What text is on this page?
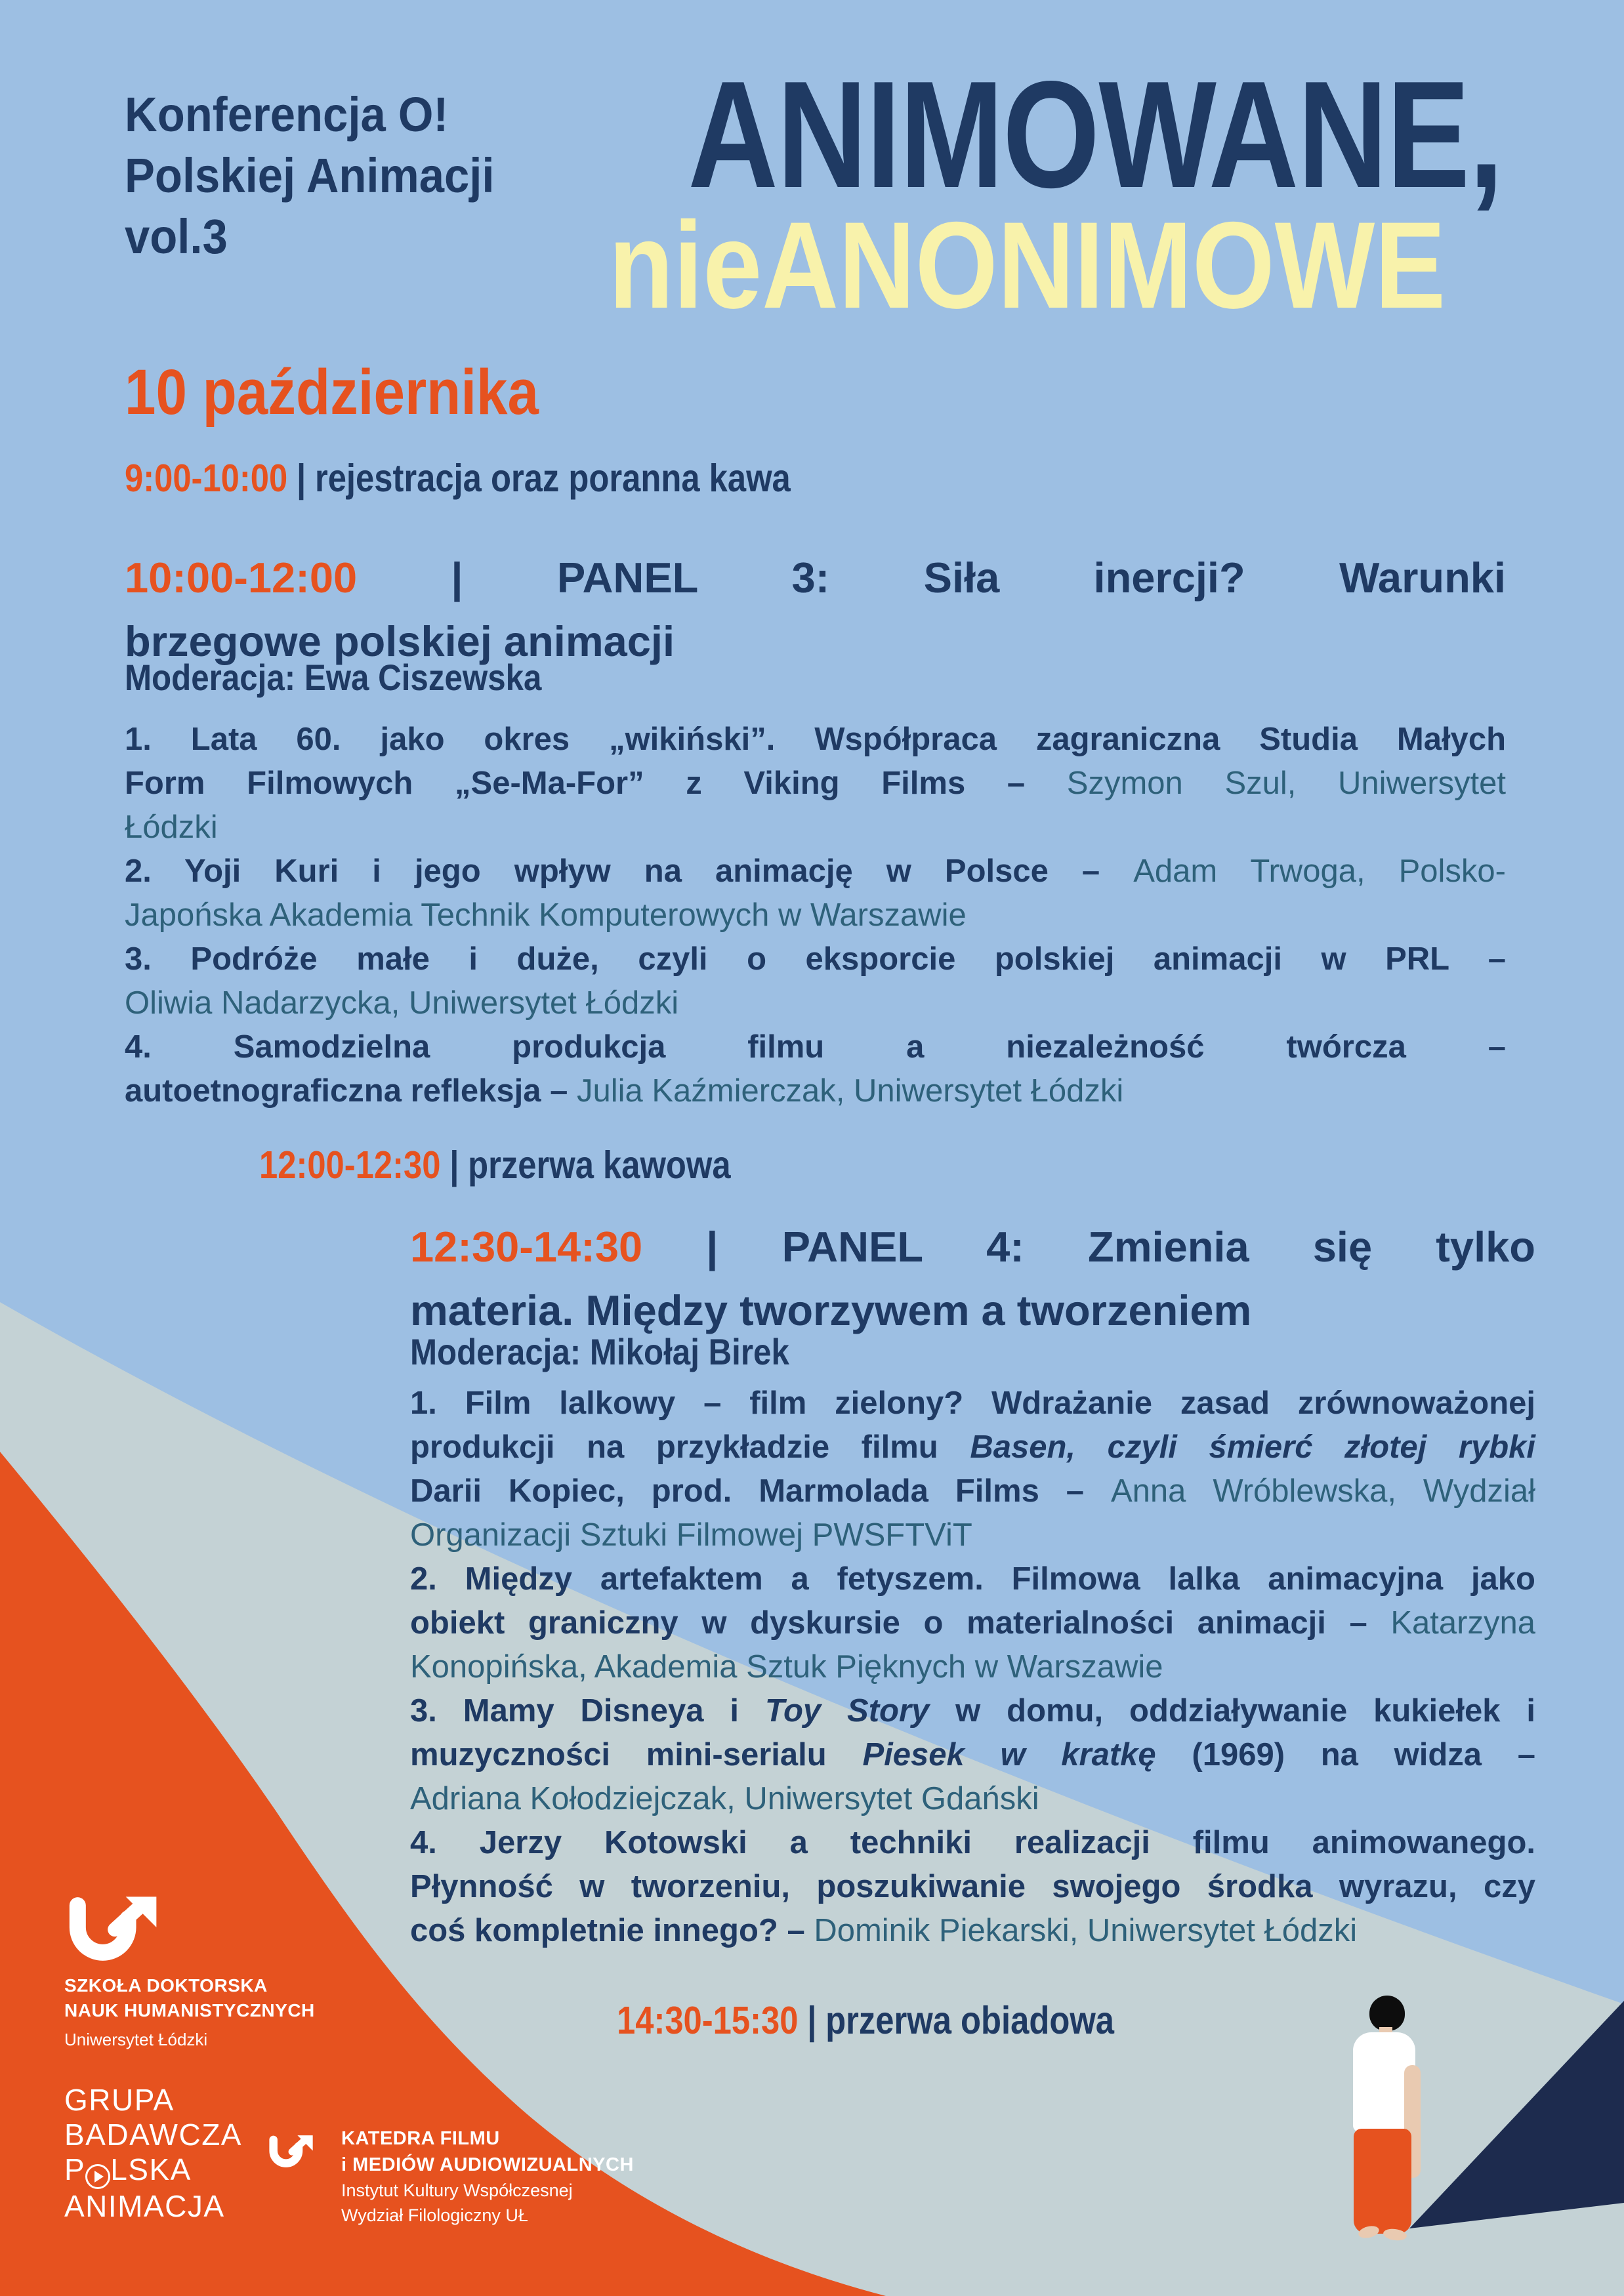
Konferencja O!
Polskiej Animacji
vol.3
ANIMOWANE,
nieANONIMOWE
10 października
9:00-10:00 | rejestracja oraz poranna kawa
10:00-12:00 | PANEL 3: Siła inercji? Warunki
brzegowe polskiej animacji
Moderacja: Ewa Ciszewska
1. Lata 60. jako okres „wikiński”. Współpraca zagraniczna Studia Małych
Form Filmowych „Se-Ma-For” z Viking Films – Szymon Szul, Uniwersytet
Łódzki
2. Yoji Kuri i jego wpływ na animację w Polsce – Adam Trwoga, Polsko-
Japońska Akademia Technik Komputerowych w Warszawie
3. Podróże małe i duże, czyli o eksporcie polskiej animacji w PRL –
Oliwia Nadarzycka, Uniwersytet Łódzki
4. Samodzielna produkcja filmu a niezależność twórcza –
autoetnograficzna refleksja – Julia Kaźmierczak, Uniwersytet Łódzki
12:00-12:30 | przerwa kawowa
12:30-14:30 | PANEL 4: Zmienia się tylko
materia. Między tworzywem a tworzeniem
Moderacja: Mikołaj Birek
1. Film lalkowy – film zielony? Wdrażanie zasad zrównoważonej
produkcji na przykładzie filmu Basen, czyli śmierć złotej rybki
Darii Kopiec, prod. Marmolada Films – Anna Wróblewska, Wydział
Organizacji Sztuki Filmowej PWSFTViT
2. Między artefaktem a fetyszem. Filmowa lalka animacyjna jako
obiekt graniczny w dyskursie o materialności animacji – Katarzyna
Konopińska, Akademia Sztuk Pięknych w Warszawie
3. Mamy Disneya i Toy Story w domu, oddziaływanie kukiełek i
muzyczności mini-serialu Piesek w kratkę (1969) na widza –
Adriana Kołodziejczak, Uniwersytet Gdański
4. Jerzy Kotowski a techniki realizacji filmu animowanego.
Płynność w tworzeniu, poszukiwanie swojego środka wyrazu, czy
coś kompletnie innego? – Dominik Piekarski, Uniwersytet Łódzki
14:30-15:30 | przerwa obiadowa
SZKOŁA DOKTORSKA
NAUK HUMANISTYCZNYCH
Uniwersytet Łódzki
GRUPA
BADAWCZA
P LSKA
ANIMACJA
KATEDRA FILMU
i MEDIÓW AUDIOWIZUALNYCH
Instytut Kultury Współczesnej
Wydział Filologiczny UŁ
